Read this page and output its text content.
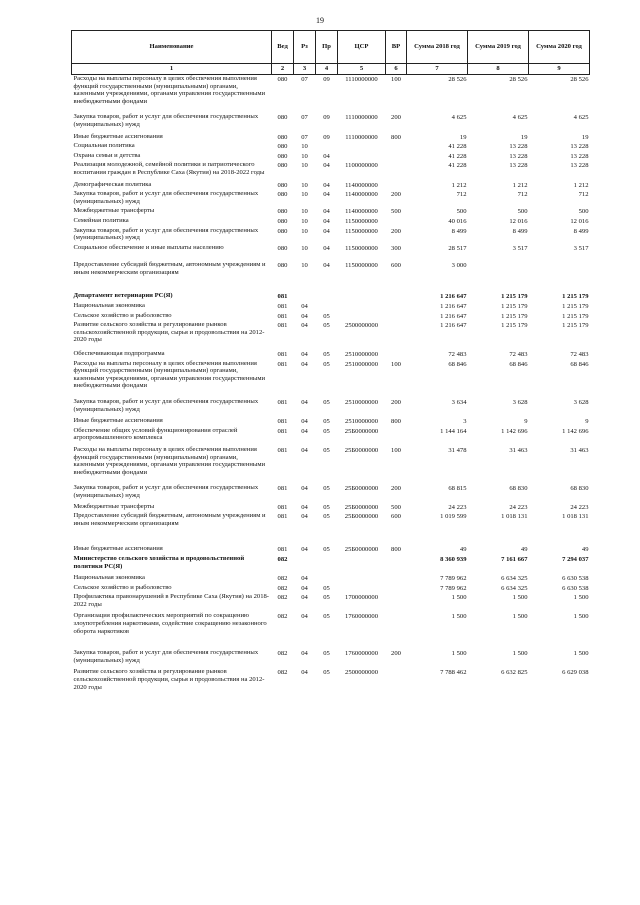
19
Наименование	Вед	Рз	Пр	ЦСР	ВР	Сумма 2018 год	Сумма 2019 год	Сумма 2020 год
1	2	3	4	5	6	7	8	9
Расходы на выплаты персоналу в целях обеспечения выполнения функций государственными (муниципальными) органами, казенными учреждениями, органами управления государственными внебюджетными фондами	080	07	09	1110000000	100	28 526	28 526	28 526
Закупка товаров, работ и услуг для обеспечения государственных (муниципальных) нужд	080	07	09	1110000000	200	4 625	4 625	4 625
Иные бюджетные ассигнования	080	07	09	1110000000	800	19	19	19
Социальная политика	080	10				41 228	13 228	13 228
Охрана семьи и детства	080	10	04			41 228	13 228	13 228
Реализация молодежной, семейной политики и патриотического воспитания граждан в Республике Саха (Якутия) на 2018-2022 годы	080	10	04	1100000000		41 228	13 228	13 228
Демографическая политика	080	10	04	1140000000		1 212	1 212	1 212
Закупка товаров, работ и услуг для обеспечения государственных (муниципальных) нужд	080	10	04	1140000000	200	712	712	712
Межбюджетные трансферты	080	10	04	1140000000	500	500	500	500
Семейная политика	080	10	04	1150000000		40 016	12 016	12 016
Закупка товаров, работ и услуг для обеспечения государственных (муниципальных) нужд	080	10	04	1150000000	200	8 499	8 499	8 499
Социальное обеспечение и иные выплаты населению	080	10	04	1150000000	300	28 517	3 517	3 517
Предоставление субсидий бюджетным, автономным учреждениям и иным некоммерческим организациям	080	10	04	1150000000	600	3 000		
Департамент ветеринарии РС(Я)	081					1 216 647	1 215 179	1 215 179
Национальная экономика	081	04				1 216 647	1 215 179	1 215 179
Сельское хозяйство и рыболовство	081	04	05			1 216 647	1 215 179	1 215 179
Развитие сельского хозяйства и регулирование рынков сельскохозяйственной продукции, сырья и продовольствия на 2012-2020 годы	081	04	05	2500000000		1 216 647	1 215 179	1 215 179
Обеспечивающая подпрограмма	081	04	05	2510000000		72 483	72 483	72 483
Расходы на выплаты персоналу в целях обеспечения выполнения функций государственными (муниципальными) органами, казенными учреждениями, органами управления государственными внебюджетными фондами	081	04	05	2510000000	100	68 846	68 846	68 846
Закупка товаров, работ и услуг для обеспечения государственных (муниципальных) нужд	081	04	05	2510000000	200	3 634	3 628	3 628
Иные бюджетные ассигнования	081	04	05	2510000000	800	3	9	9
Обеспечение общих условий функционирования отраслей агропромышленного комплекса	081	04	05	25Б0000000		1 144 164	1 142 696	1 142 696
Расходы на выплаты персоналу в целях обеспечения выполнения функций государственными (муниципальными) органами, казенными учреждениями, органами управления государственными внебюджетными фондами	081	04	05	25Б0000000	100	31 478	31 463	31 463
Закупка товаров, работ и услуг для обеспечения государственных (муниципальных) нужд	081	04	05	25Б0000000	200	68 815	68 830	68 830
Межбюджетные трансферты	081	04	05	25Б0000000	500	24 223	24 223	24 223
Предоставление субсидий бюджетным, автономным учреждениям и иным некоммерческим организациям	081	04	05	25Б0000000	600	1 019 599	1 018 131	1 018 131
Иные бюджетные ассигнования	081	04	05	25Б0000000	800	49	49	49
Министерство сельского хозяйства и продовольственной политики РС(Я)	082					8 360 939	7 161 667	7 294 037
Национальная экономика	082	04				7 789 962	6 634 325	6 630 538
Сельское хозяйство и рыболовство	082	04	05			7 789 962	6 634 325	6 630 538
Профилактика правонарушений в Республике Саха (Якутия) на 2018-2022 годы	082	04	05	1700000000		1 500	1 500	1 500
Организация профилактических мероприятий по сокращению злоупотребления наркотиками, содействие сокращению незаконного оборота наркотиков	082	04	05	1760000000		1 500	1 500	1 500
Закупка товаров, работ и услуг для обеспечения государственных (муниципальных) нужд	082	04	05	1760000000	200	1 500	1 500	1 500
Развитие сельского хозяйства и регулирование рынков сельскохозяйственной продукции, сырья и продовольствия на 2012-2020 годы	082	04	05	2500000000		7 788 462	6 632 825	6 629 038
